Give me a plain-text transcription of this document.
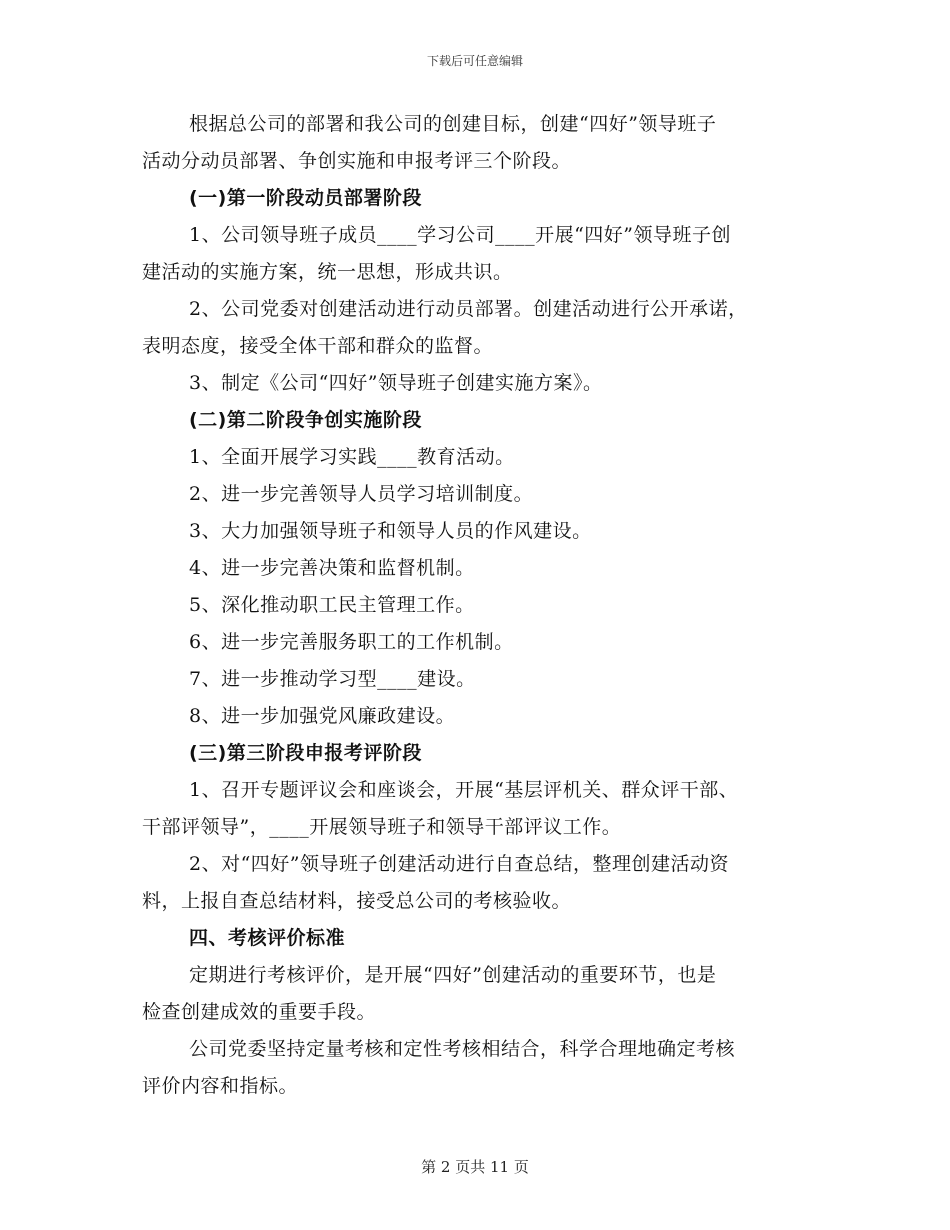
下载后可任意编辑
根据总公司的部署和我公司的创建目标，创建“四好”领导班子
活动分动员部署、争创实施和申报考评三个阶段。
(一)第一阶段动员部署阶段
1、公司领导班子成员____学习公司____开展“四好”领导班子创
建活动的实施方案，统一思想，形成共识。
2、公司党委对创建活动进行动员部署。创建活动进行公开承诺，
表明态度，接受全体干部和群众的监督。
3、制定《公司“四好”领导班子创建实施方案》。
(二)第二阶段争创实施阶段
1、全面开展学习实践____教育活动。
2、进一步完善领导人员学习培训制度。
3、大力加强领导班子和领导人员的作风建设。
4、进一步完善决策和监督机制。
5、深化推动职工民主管理工作。
6、进一步完善服务职工的工作机制。
7、进一步推动学习型____建设。
8、进一步加强党风廉政建设。
(三)第三阶段申报考评阶段
1、召开专题评议会和座谈会，开展“基层评机关、群众评干部、
干部评领导”，____开展领导班子和领导干部评议工作。
2、对“四好”领导班子创建活动进行自查总结，整理创建活动资
料，上报自查总结材料，接受总公司的考核验收。
四、考核评价标准
定期进行考核评价，是开展“四好”创建活动的重要环节，也是
检查创建成效的重要手段。
公司党委坚持定量考核和定性考核相结合，科学合理地确定考核
评价内容和指标。
第 2 页共 11 页
